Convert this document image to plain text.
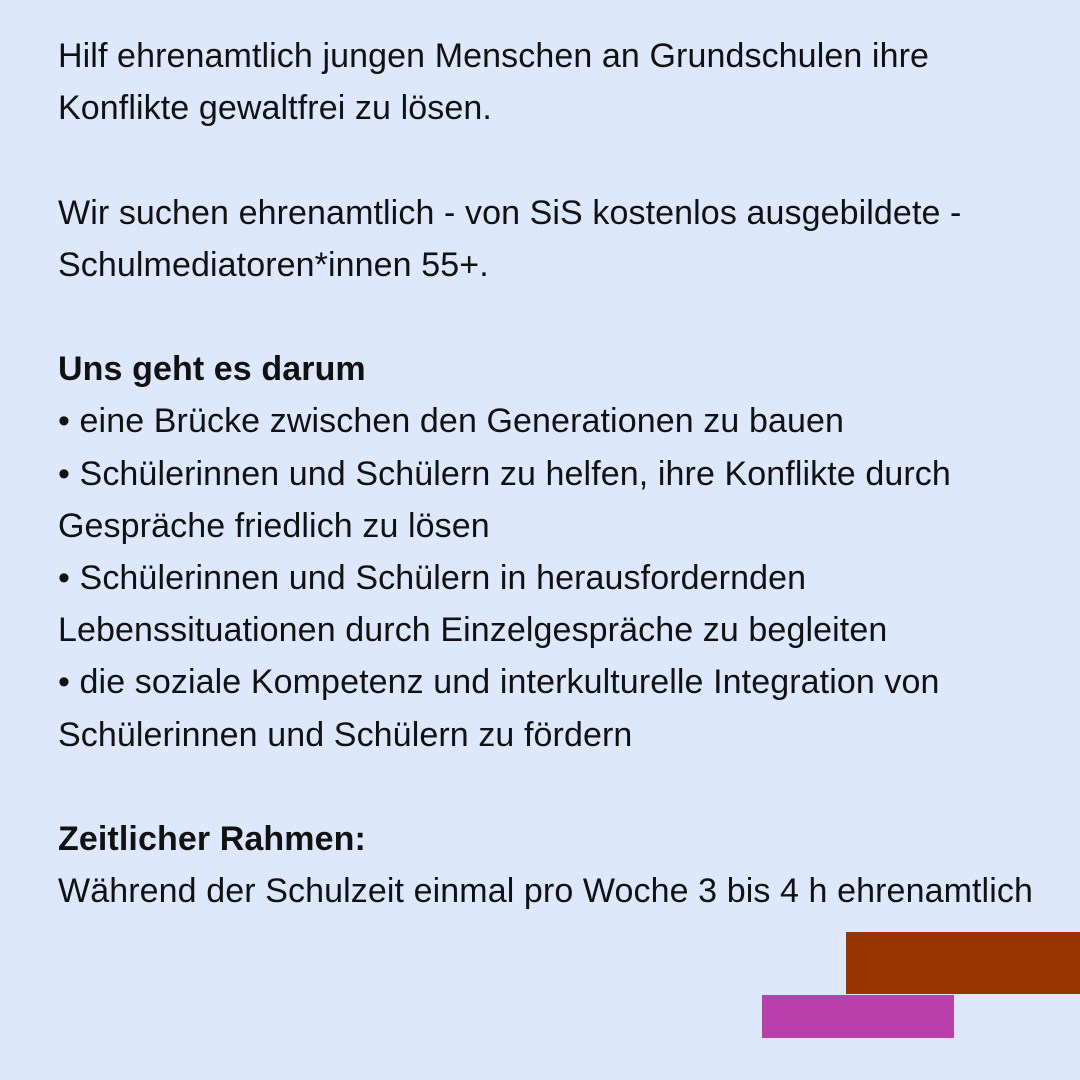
Hilf ehrenamtlich jungen Menschen an Grundschulen ihre Konflikte gewaltfrei zu lösen.

Wir suchen ehrenamtlich - von SiS kostenlos ausgebildete - Schulmediatoren*innen 55+.

Uns geht es darum

• eine Brücke zwischen den Generationen zu bauen

• Schülerinnen und Schülern zu helfen, ihre Konflikte durch Gespräche friedlich zu lösen

• Schülerinnen und Schülern in herausfordernden Lebenssituationen durch Einzelgespräche zu begleiten

• die soziale Kompetenz und interkulturelle Integration von Schülerinnen und Schülern zu fördern

Zeitlicher Rahmen:

Während der Schulzeit einmal pro Woche 3 bis 4 h ehrenamtlich
